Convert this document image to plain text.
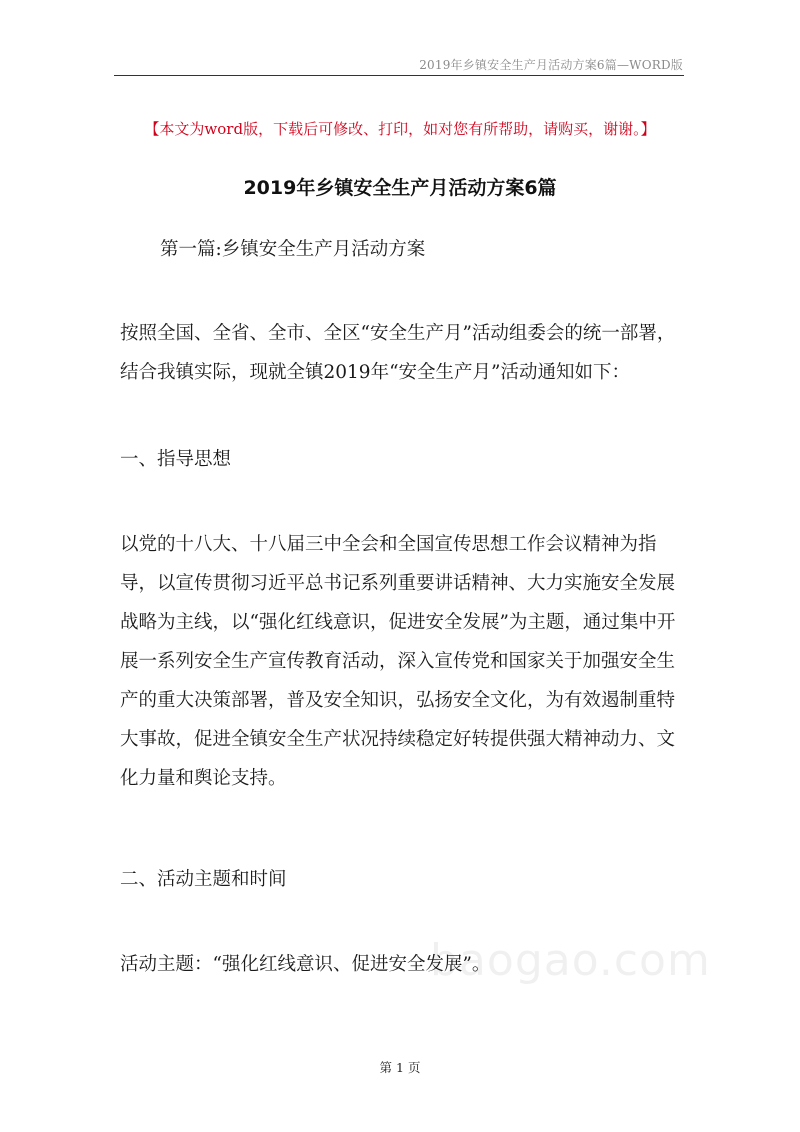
2019年乡镇安全生产月活动方案6篇—WORD版
【本文为word版，下载后可修改、打印，如对您有所帮助，请购买，谢谢。】
2019年乡镇安全生产月活动方案6篇
第一篇:乡镇安全生产月活动方案
按照全国、全省、全市、全区“安全生产月”活动组委会的统一部署，
结合我镇实际，现就全镇2019年“安全生产月”活动通知如下：
一、指导思想
以党的十八大、十八届三中全会和全国宣传思想工作会议精神为指
导，以宣传贯彻习近平总书记系列重要讲话精神、大力实施安全发展
战略为主线，以“强化红线意识，促进安全发展”为主题，通过集中开
展一系列安全生产宣传教育活动，深入宣传党和国家关于加强安全生
产的重大决策部署，普及安全知识，弘扬安全文化，为有效遏制重特
大事故，促进全镇安全生产状况持续稳定好转提供强大精神动力、文
化力量和舆论支持。
二、活动主题和时间
活动主题：“强化红线意识、促进安全发展”。
baogao.com
第 1 页
